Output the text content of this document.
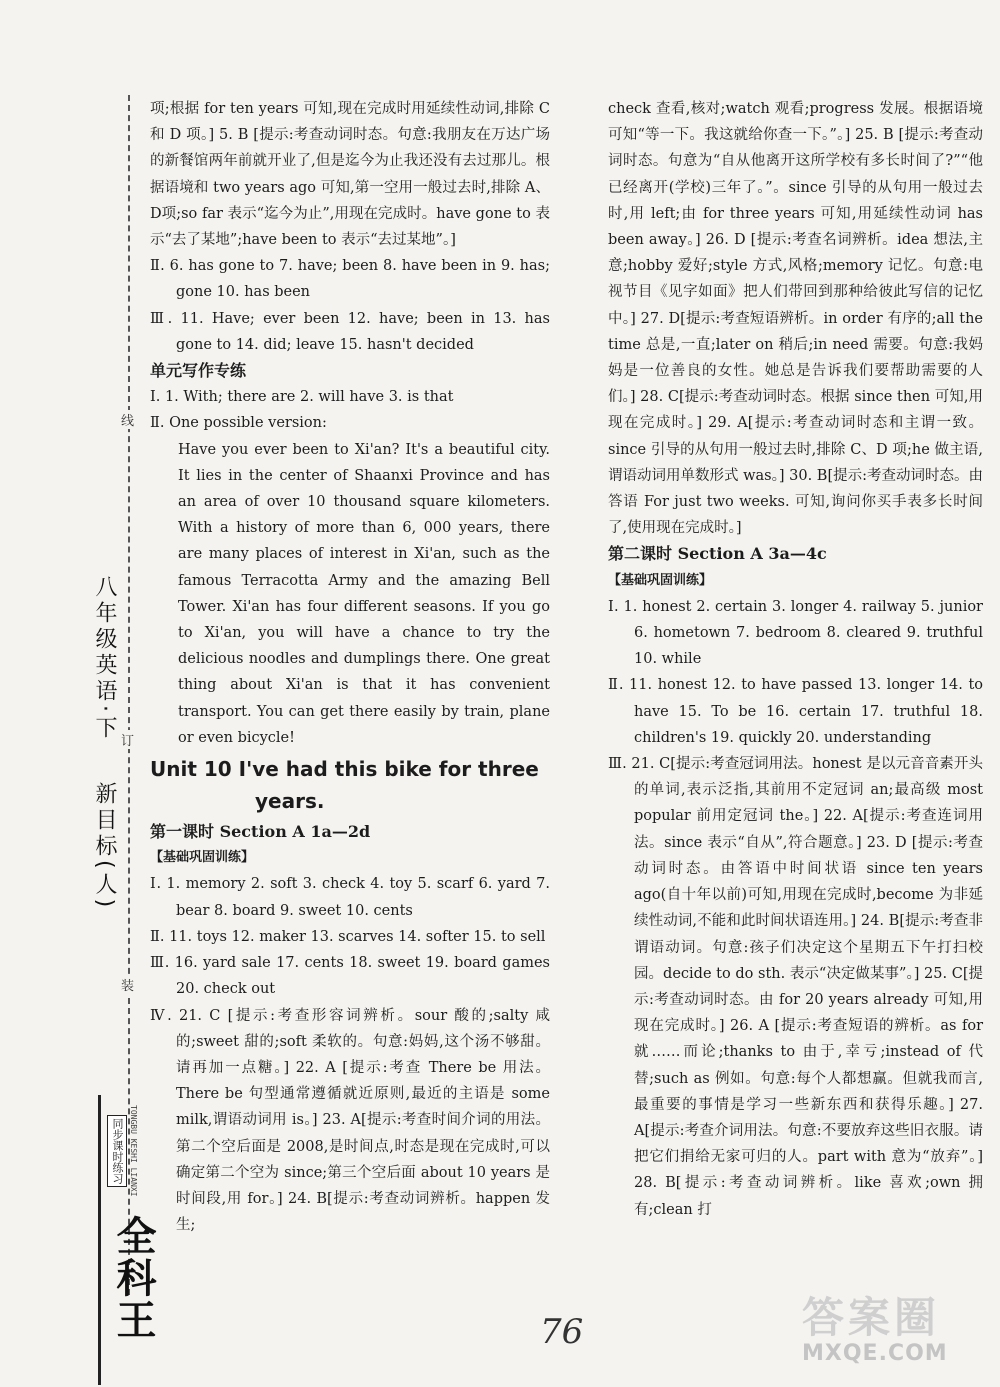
线
订
装
八年级英语·下新目标(人)
同步课时练习 TONGBU KESHI LIANXI
全科王

项;根据 for ten years 可知,现在完成时用延续性动词,排除 C 和 D 项。] 5. B [提示:考查动词时态。句意:我朋友在万达广场的新餐馆两年前就开业了,但是迄今为止我还没有去过那儿。根据语境和 two years ago 可知,第一空用一般过去时,排除 A、D项;so far 表示“迄今为止”,用现在完成时。have gone to 表示“去了某地”;have been to 表示“去过某地”。]

Ⅱ. 6. has gone to 7. have; been 8. have been in 9. has; gone 10. has been

Ⅲ. 11. Have; ever been 12. have; been in 13. has gone to 14. did; leave 15. hasn't decided

单元写作专练

Ⅰ. 1. With; there are 2. will have 3. is that

Ⅱ. One possible version:

Have you ever been to Xi'an? It's a beautiful city. It lies in the center of Shaanxi Province and has an area of over 10 thousand square kilometers. With a history of more than 6, 000 years, there are many places of interest in Xi'an, such as the famous Terracotta Army and the amazing Bell Tower. Xi'an has four different seasons. If you go to Xi'an, you will have a chance to try the delicious noodles and dumplings there. One great thing about Xi'an is that it has convenient transport. You can get there easily by train, plane or even bicycle!

Unit 10 I've had this bike for three
years.

第一课时 Section A 1a—2d

【基础巩固训练】

Ⅰ. 1. memory 2. soft 3. check 4. toy 5. scarf 6. yard 7. bear 8. board 9. sweet 10. cents

Ⅱ. 11. toys 12. maker 13. scarves 14. softer 15. to sell

Ⅲ. 16. yard sale 17. cents 18. sweet 19. board games 20. check out

Ⅳ. 21. C [提示:考查形容词辨析。sour 酸的;salty 咸的;sweet 甜的;soft 柔软的。句意:妈妈,这个汤不够甜。请再加一点糖。] 22. A [提示:考查 There be 用法。There be 句型通常遵循就近原则,最近的主语是 some milk,谓语动词用 is。] 23. A[提示:考查时间介词的用法。第二个空后面是 2008,是时间点,时态是现在完成时,可以确定第二个空为 since;第三个空后面 about 10 years 是时间段,用 for。] 24. B[提示:考查动词辨析。happen 发生;

check 查看,核对;watch 观看;progress 发展。根据语境可知“等一下。我这就给你查一下。”。] 25. B [提示:考查动词时态。句意为“自从他离开这所学校有多长时间了?”“他已经离开(学校)三年了。”。since 引导的从句用一般过去时,用 left;由 for three years 可知,用延续性动词 has been away。] 26. D [提示:考查名词辨析。idea 想法,主意;hobby 爱好;style 方式,风格;memory 记忆。句意:电视节目《见字如面》把人们带回到那种给彼此写信的记忆中。] 27. D[提示:考查短语辨析。in order 有序的;all the time 总是,一直;later on 稍后;in need 需要。句意:我妈妈是一位善良的女性。她总是告诉我们要帮助需要的人们。] 28. C[提示:考查动词时态。根据 since then 可知,用现在完成时。] 29. A[提示:考查动词时态和主谓一致。since 引导的从句用一般过去时,排除 C、D 项;he 做主语,谓语动词用单数形式 was。] 30. B[提示:考查动词时态。由答语 For just two weeks. 可知,询问你买手表多长时间了,使用现在完成时。]

第二课时 Section A 3a—4c

【基础巩固训练】

Ⅰ. 1. honest 2. certain 3. longer 4. railway 5. junior 6. hometown 7. bedroom 8. cleared 9. truthful 10. while

Ⅱ. 11. honest 12. to have passed 13. longer 14. to have 15. To be 16. certain 17. truthful 18. children's 19. quickly 20. understanding

Ⅲ. 21. C[提示:考查冠词用法。honest 是以元音音素开头的单词,表示泛指,其前用不定冠词 an;最高级 most popular 前用定冠词 the。] 22. A[提示:考查连词用法。since 表示“自从”,符合题意。] 23. D [提示:考查动词时态。由答语中时间状语 since ten years ago(自十年以前)可知,用现在完成时,become 为非延续性动词,不能和此时间状语连用。] 24. B[提示:考查非谓语动词。句意:孩子们决定这个星期五下午打扫校园。decide to do sth. 表示“决定做某事”。] 25. C[提示:考查动词时态。由 for 20 years already 可知,用现在完成时。] 26. A [提示:考查短语的辨析。as for 就……而论;thanks to 由于,幸亏;instead of 代替;such as 例如。句意:每个人都想赢。但就我而言,最重要的事情是学习一些新东西和获得乐趣。] 27. A[提示:考查介词用法。句意:不要放弃这些旧衣服。请把它们捐给无家可归的人。part with 意为“放弃”。] 28. B[提示:考查动词辨析。like 喜欢;own 拥有;clean 打

76	答案圈
MXQE.COM
